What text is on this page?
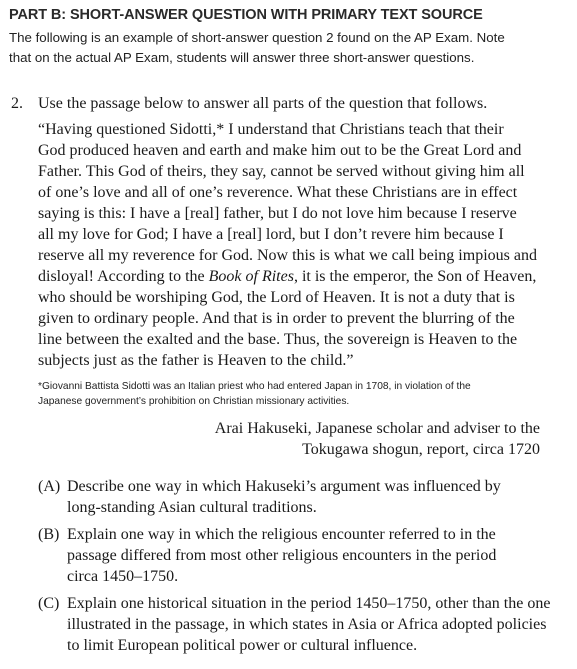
PART B: SHORT-ANSWER QUESTION WITH PRIMARY TEXT SOURCE
The following is an example of short-answer question 2 found on the AP Exam. Note
that on the actual AP Exam, students will answer three short-answer questions.
2. Use the passage below to answer all parts of the question that follows.
“Having questioned Sidotti,* I understand that Christians teach that their
God produced heaven and earth and make him out to be the Great Lord and
Father. This God of theirs, they say, cannot be served without giving him all
of one’s love and all of one’s reverence. What these Christians are in effect
saying is this: I have a [real] father, but I do not love him because I reserve
all my love for God; I have a [real] lord, but I don’t revere him because I
reserve all my reverence for God. Now this is what we call being impious and
disloyal! According to the Book of Rites, it is the emperor, the Son of Heaven,
who should be worshiping God, the Lord of Heaven. It is not a duty that is
given to ordinary people. And that is in order to prevent the blurring of the
line between the exalted and the base. Thus, the sovereign is Heaven to the
subjects just as the father is Heaven to the child.”
*Giovanni Battista Sidotti was an Italian priest who had entered Japan in 1708, in violation of the
Japanese government’s prohibition on Christian missionary activities.
Arai Hakuseki, Japanese scholar and adviser to the
Tokugawa shogun, report, circa 1720
(A) Describe one way in which Hakuseki’s argument was influenced by
long-standing Asian cultural traditions.
(B) Explain one way in which the religious encounter referred to in the
passage differed from most other religious encounters in the period
circa 1450–1750.
(C) Explain one historical situation in the period 1450–1750, other than the one
illustrated in the passage, in which states in Asia or Africa adopted policies
to limit European political power or cultural influence.
